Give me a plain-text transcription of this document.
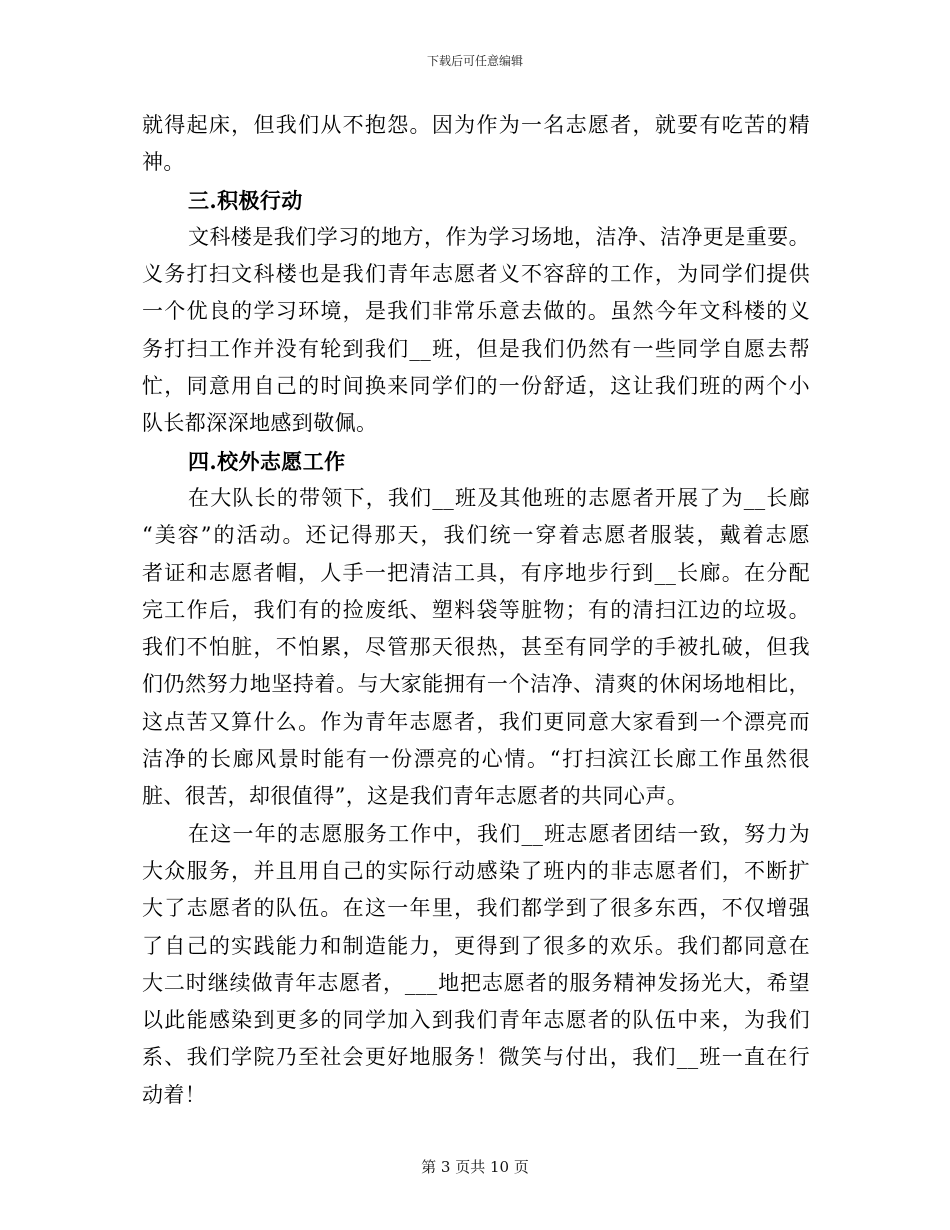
下载后可任意编辑
就得起床，但我们从不抱怨。因为作为一名志愿者，就要有吃苦的精
神。
三.积极行动
文科楼是我们学习的地方，作为学习场地，洁净、洁净更是重要。
义务打扫文科楼也是我们青年志愿者义不容辞的工作，为同学们提供
一个优良的学习环境，是我们非常乐意去做的。虽然今年文科楼的义
务打扫工作并没有轮到我们__班，但是我们仍然有一些同学自愿去帮
忙，同意用自己的时间换来同学们的一份舒适，这让我们班的两个小
队长都深深地感到敬佩。
四.校外志愿工作
在大队长的带领下，我们__班及其他班的志愿者开展了为__长廊
“美容”的活动。还记得那天，我们统一穿着志愿者服装，戴着志愿
者证和志愿者帽，人手一把清洁工具，有序地步行到__长廊。在分配
完工作后，我们有的捡废纸、塑料袋等脏物；有的清扫江边的垃圾。
我们不怕脏，不怕累，尽管那天很热，甚至有同学的手被扎破，但我
们仍然努力地坚持着。与大家能拥有一个洁净、清爽的休闲场地相比，
这点苦又算什么。作为青年志愿者，我们更同意大家看到一个漂亮而
洁净的长廊风景时能有一份漂亮的心情。“打扫滨江长廊工作虽然很
脏、很苦，却很值得”，这是我们青年志愿者的共同心声。
在这一年的志愿服务工作中，我们__班志愿者团结一致，努力为
大众服务，并且用自己的实际行动感染了班内的非志愿者们，不断扩
大了志愿者的队伍。在这一年里，我们都学到了很多东西，不仅增强
了自己的实践能力和制造能力，更得到了很多的欢乐。我们都同意在
大二时继续做青年志愿者，___地把志愿者的服务精神发扬光大，希望
以此能感染到更多的同学加入到我们青年志愿者的队伍中来，为我们
系、我们学院乃至社会更好地服务！微笑与付出，我们__班一直在行
动着！
第 3 页共 10 页
